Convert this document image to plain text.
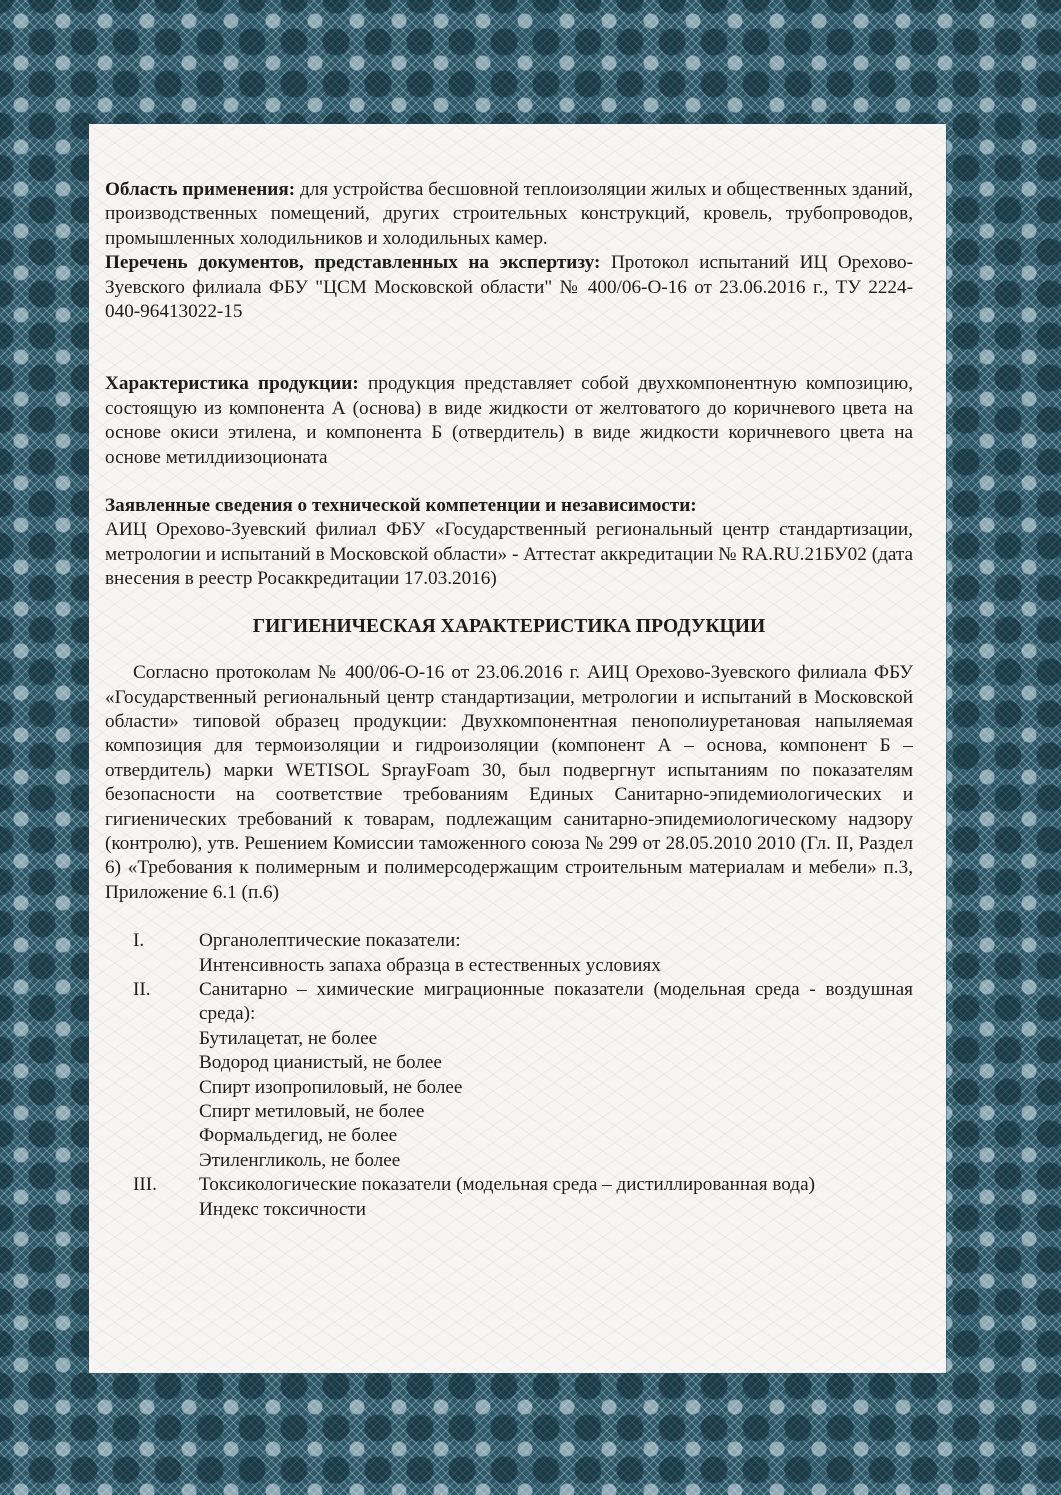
Область применения: для устройства бесшовной теплоизоляции жилых и общественных зданий, производственных помещений, других строительных конструкций, кровель, трубопроводов, промышленных холодильников и холодильных камер.

Перечень документов, представленных на экспертизу: Протокол испытаний ИЦ Орехово-Зуевского филиала ФБУ "ЦСМ Московской области" № 400/06-О-16 от 23.06.2016 г., ТУ 2224-040-96413022-15

Характеристика продукции: продукция представляет собой двухкомпонентную композицию, состоящую из компонента А (основа) в виде жидкости от желтоватого до коричневого цвета на основе окиси этилена, и компонента Б (отвердитель) в виде жидкости коричневого цвета на основе метилдиизоционата

Заявленные сведения о технической компетенции и независимости:

АИЦ Орехово-Зуевский филиал ФБУ «Государственный региональный центр стандартизации, метрологии и испытаний в Московской области» - Аттестат аккредитации № RA.RU.21БУ02 (дата внесения в реестр Росаккредитации 17.03.2016)

ГИГИЕНИЧЕСКАЯ ХАРАКТЕРИСТИКА ПРОДУКЦИИ

Согласно протоколам № 400/06-О-16 от 23.06.2016 г. АИЦ Орехово-Зуевского филиала ФБУ «Государственный региональный центр стандартизации, метрологии и испытаний в Московской области» типовой образец продукции: Двухкомпонентная пенополиуретановая напыляемая композиция для термоизоляции и гидроизоляции (компонент А – основа, компонент Б – отвердитель) марки WETISOL SprayFoam 30, был подвергнут испытаниям по показателям безопасности на соответствие требованиям Единых Санитарно-эпидемиологических и гигиенических требований к товарам, подлежащим санитарно-эпидемиологическому надзору (контролю), утв. Решением Комиссии таможенного союза № 299 от 28.05.2010 2010 (Гл. II, Раздел 6) «Требования к полимерным и полимерсодержащим строительным материалам и мебели» п.3, Приложение 6.1 (п.6)

I.	Органолептические показатели:
Интенсивность запаха образца в естественных условиях
II.	Санитарно – химические миграционные показатели (модельная среда - воздушная среда):
Бутилацетат, не более
Водород цианистый, не более
Спирт изопропиловый, не более
Спирт метиловый, не более
Формальдегид, не более
Этиленгликоль, не более
III.	Токсикологические показатели (модельная среда – дистиллированная вода)
Индекс токсичности
